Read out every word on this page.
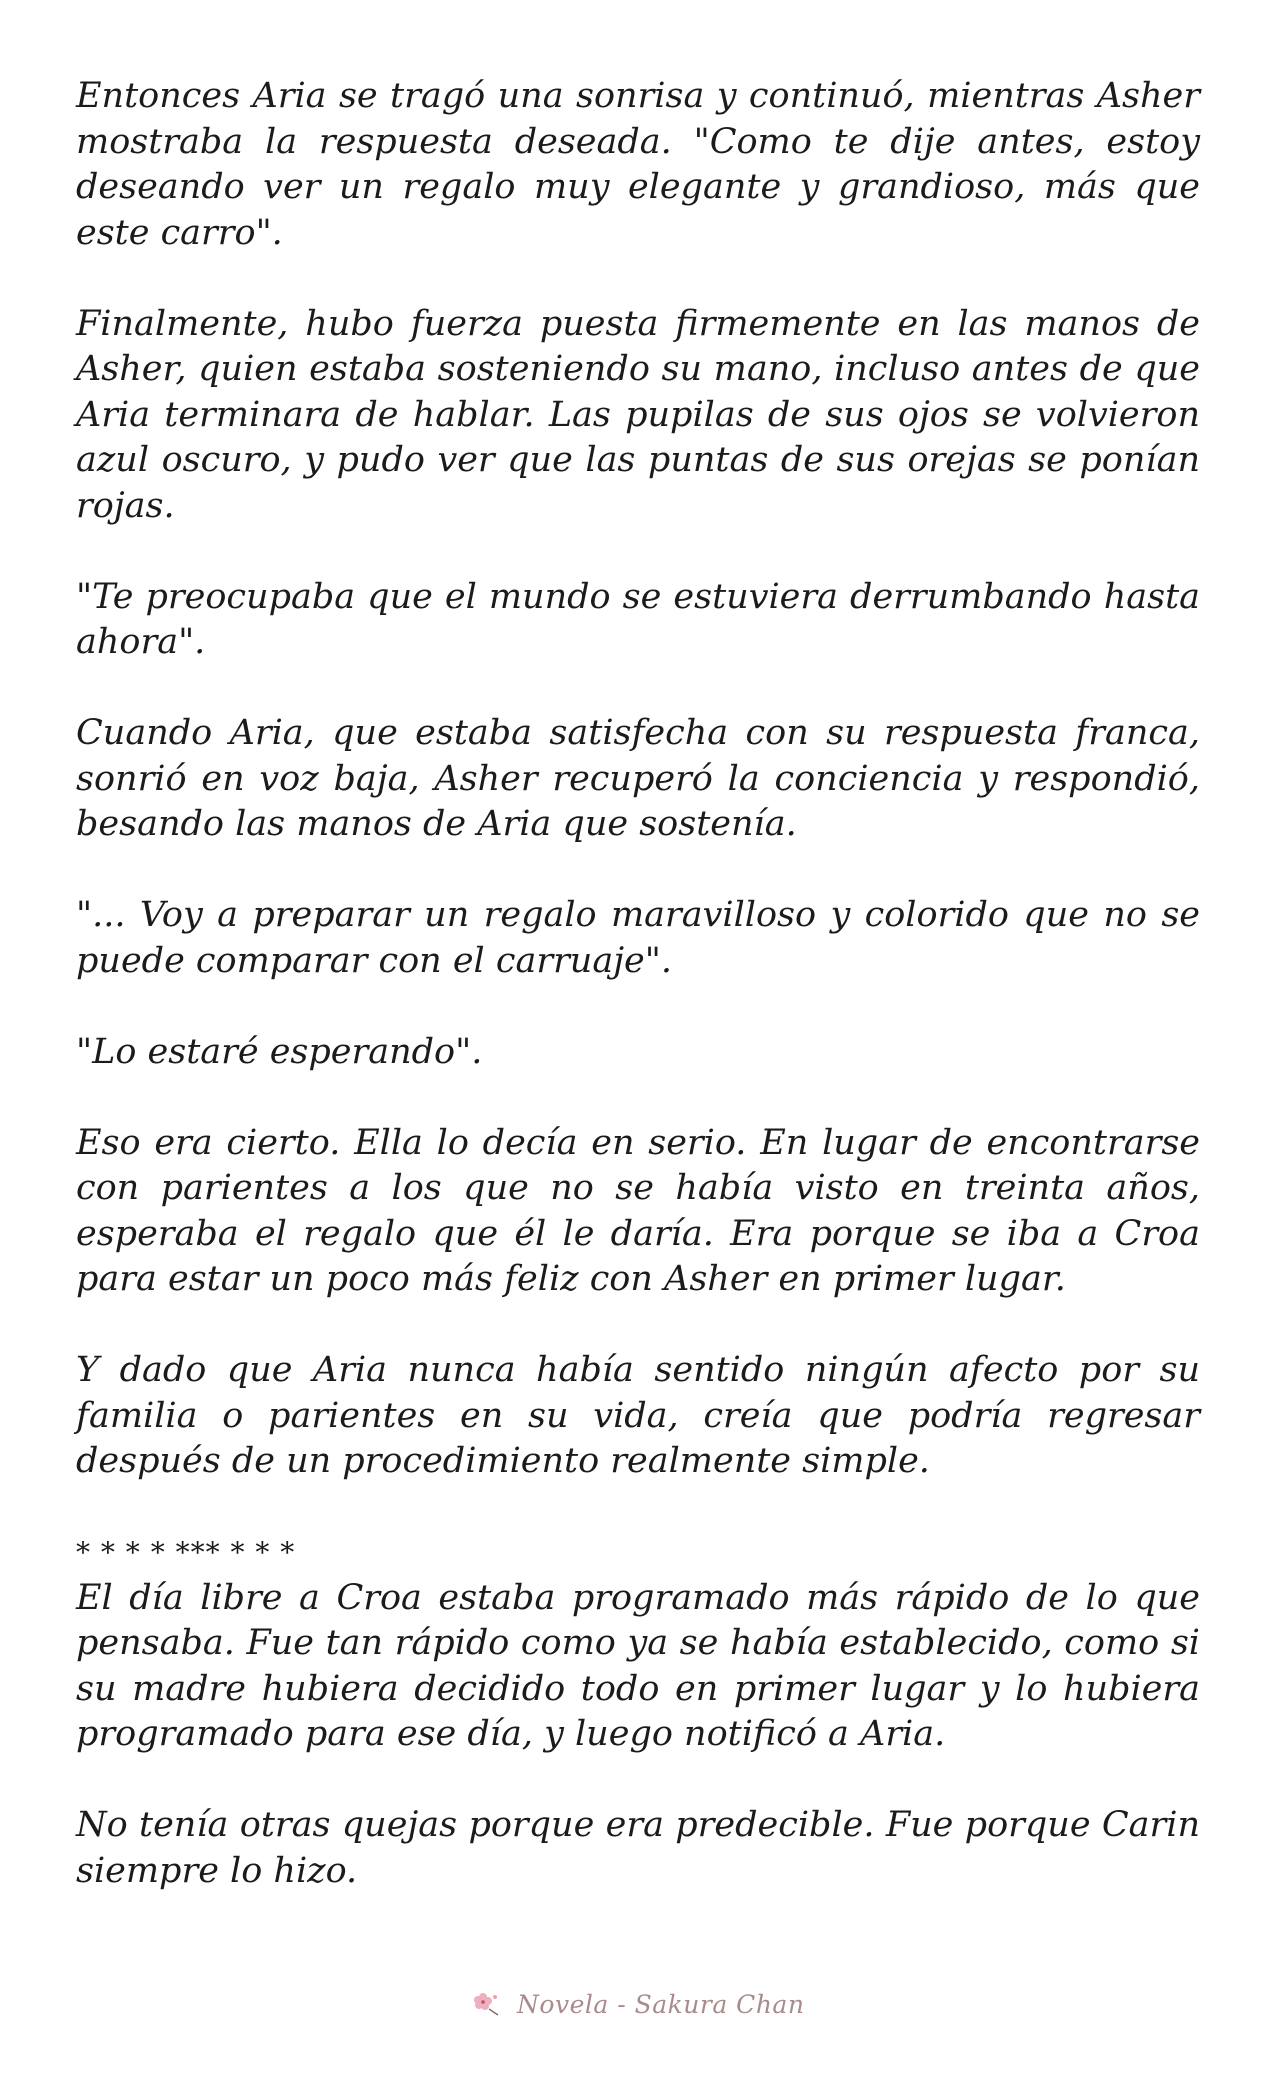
Entonces Aria se tragó una sonrisa y continuó, mientras Asher mostraba la respuesta deseada. "Como te dije antes, estoy deseando ver un regalo muy elegante y grandioso, más que este carro".

Finalmente, hubo fuerza puesta firmemente en las manos de Asher, quien estaba sosteniendo su mano, incluso antes de que Aria terminara de hablar. Las pupilas de sus ojos se volvieron azul oscuro, y pudo ver que las puntas de sus orejas se ponían rojas.

"Te preocupaba que el mundo se estuviera derrumbando hasta ahora".

Cuando Aria, que estaba satisfecha con su respuesta franca, sonrió en voz baja, Asher recuperó la conciencia y respondió, besando las manos de Aria que sostenía.

"... Voy a preparar un regalo maravilloso y colorido que no se puede comparar con el carruaje".

"Lo estaré esperando".

Eso era cierto. Ella lo decía en serio. En lugar de encontrarse con parientes a los que no se había visto en treinta años, esperaba el regalo que él le daría. Era porque se iba a Croa para estar un poco más feliz con Asher en primer lugar.

Y dado que Aria nunca había sentido ningún afecto por su familia o parientes en su vida, creía que podría regresar después de un procedimiento realmente simple.

* * * * *** * * *

El día libre a Croa estaba programado más rápido de lo que pensaba. Fue tan rápido como ya se había establecido, como si su madre hubiera decidido todo en primer lugar y lo hubiera programado para ese día, y luego notificó a Aria.

No tenía otras quejas porque era predecible. Fue porque Carin siempre lo hizo.

Novela - Sakura Chan
